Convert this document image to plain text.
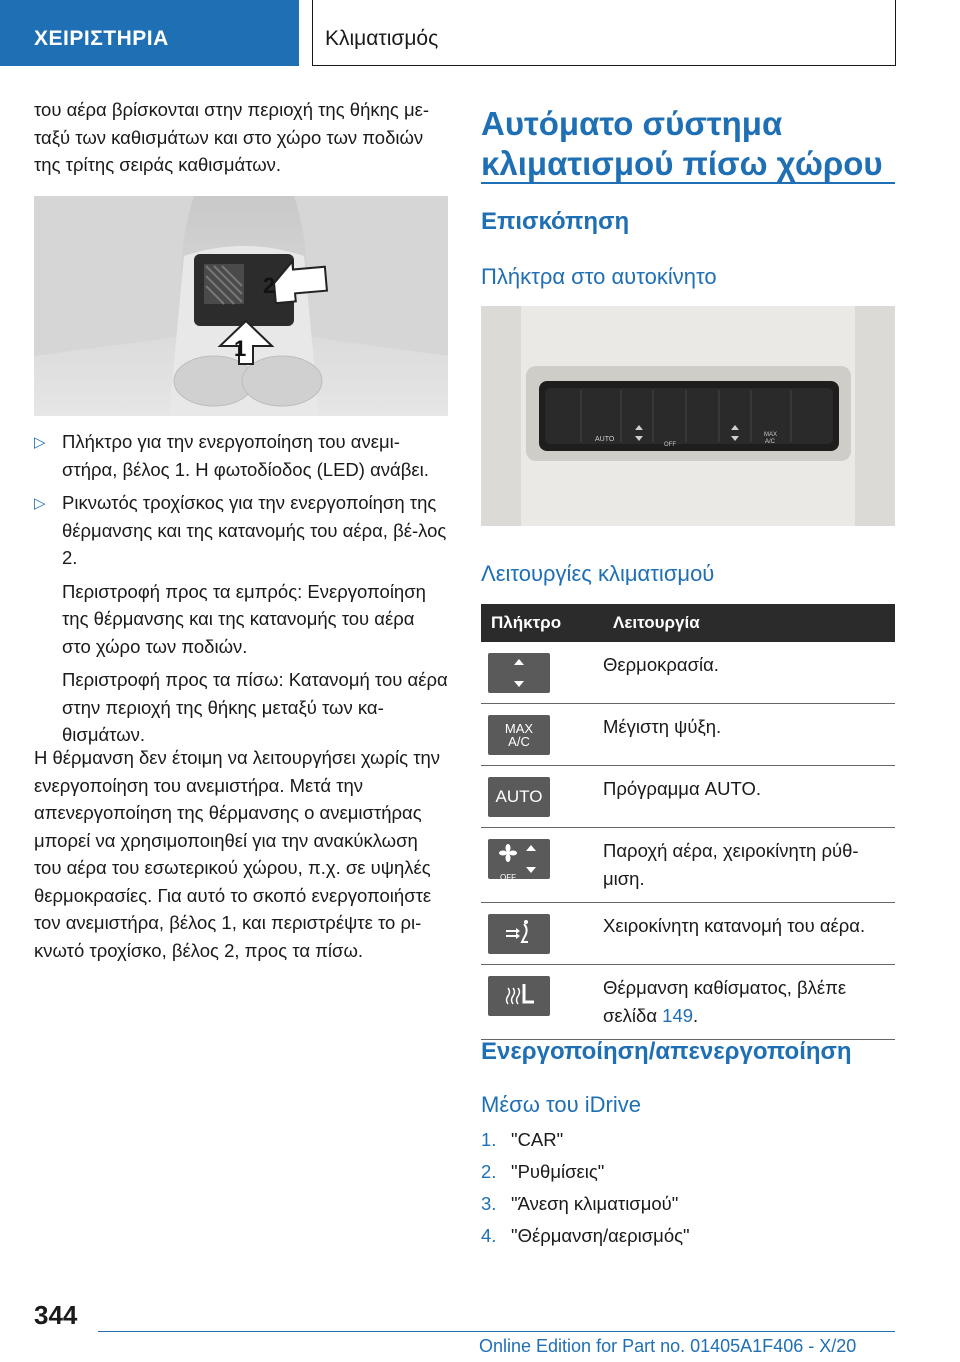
ΧΕΙΡΙΣΤΗΡΙΑ	Κλιματισμός
του αέρα βρίσκονται στην περιοχή της θήκης με-ταξύ των καθισμάτων και στο χώρο των ποδιών της τρίτης σειράς καθισμάτων.
1
2
▷ Πλήκτρο για την ενεργοποίηση του ανεμι-στήρα, βέλος 1. Η φωτοδίοδος (LED) ανάβει.
▷ Ρικνωτός τροχίσκος για την ενεργοποίηση της θέρμανσης και της κατανομής του αέρα, βέ-λος 2.
Περιστροφή προς τα εμπρός: Ενεργοποίηση της θέρμανσης και της κατανομής του αέρα στο χώρο των ποδιών.
Περιστροφή προς τα πίσω: Κατανομή του αέρα στην περιοχή της θήκης μεταξύ των κα-θισμάτων.
Η θέρμανση δεν έτοιμη να λειτουργήσει χωρίς την ενεργοποίηση του ανεμιστήρα. Μετά την απενεργοποίηση της θέρμανσης ο ανεμιστήρας μπορεί να χρησιμοποιηθεί για την ανακύκλωση του αέρα του εσωτερικού χώρου, π.χ. σε υψηλές θερμοκρασίες. Για αυτό το σκοπό ενεργοποιήστε τον ανεμιστήρα, βέλος 1, και περιστρέψτε το ρι-κνωτό τροχίσκο, βέλος 2, προς τα πίσω.
Αυτόματο σύστημα κλιματισμού πίσω χώρου
Επισκόπηση
Πλήκτρα στο αυτοκίνητο
AUTO
OFF
MAX
A/C
Λειτουργίες κλιματισμού
Πλήκτρο	Λειτουργία

	Θερμοκρασία.

MAX
A/C	Μέγιστη ψύξη.

AUTO	Πρόγραμμα AUTO.

OFF	Παροχή αέρα, χειροκίνητη ρύθ-μιση.

	Χειροκίνητη κατανομή του αέρα.

	Θέρμανση καθίσματος, βλέπε σελίδα 149.
Ενεργοποίηση/απενεργοποίηση
Μέσω του iDrive
1. "CAR"
2. "Ρυθμίσεις"
3. "Άνεση κλιματισμού"
4. "Θέρμανση/αερισμός"
344
Online Edition for Part no. 01405A1F406 - X/20
